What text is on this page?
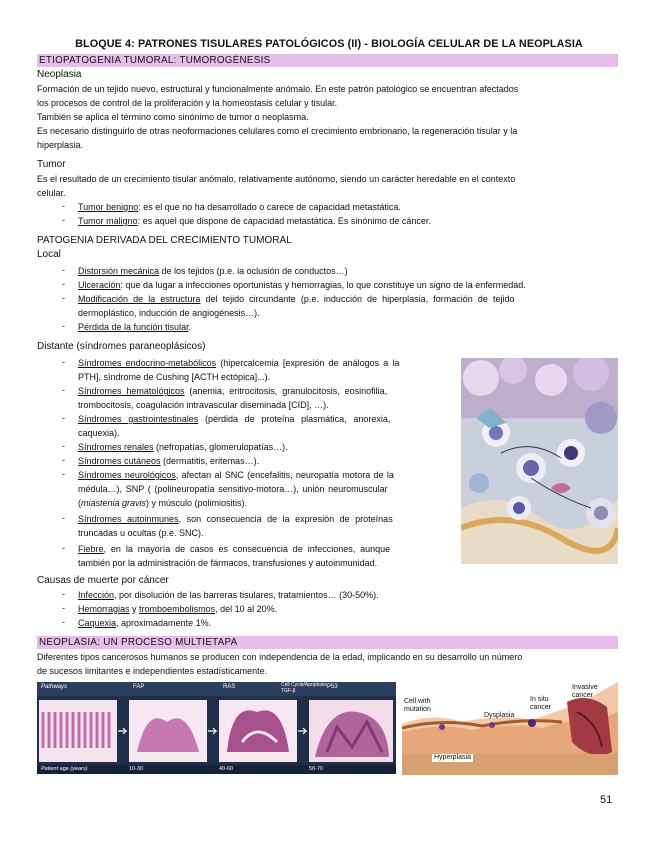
BLOQUE 4: PATRONES TISULARES PATOLÓGICOS (II) - BIOLOGÍA CELULAR DE LA NEOPLASIA
ETIOPATOGENIA TUMORAL: TUMOROGÉNESIS
Neoplasia
Formación de un tejido nuevo, estructural y funcionalmente anómalo. En este patrón patológico se encuentran afectados
los procesos de control de la proliferación y la homeostasis celular y tisular.
También se aplica el término como sinónimo de tumor o neoplasma.
Es necesario distinguirlo de otras neoformaciones celulares como el crecimiento embrionario, la regeneración tisular y la
hiperplasia.
Tumor
Es el resultado de un crecimiento tisular anómalo, relativamente autónomo, siendo un carácter heredable en el contexto
celular.
- Tumor benigno: es el que no ha desarrollado o carece de capacidad metastática.
- Tumor maligno: es aquel que dispone de capacidad metastática. Es sinónimo de cáncer.
PATOGENIA DERIVADA DEL CRECIMIENTO TUMORAL
Local
- Distorsión mecánica de los tejidos (p.e. la oclusión de conductos…)
- Ulceración: que da lugar a infecciones oportunistas y hemorragias, lo que constituye un signo de la enfermedad.
- Modificación de la estructura del tejido circundante (p.e. inducción de hiperplasia, formación de tejido
dermoplástico, inducción de angiogénesis…).
- Pérdida de la función tisular.
Distante (síndromes paraneoplásicos)
- Síndromes endocrino-metabólicos (hipercalcemia [expresión de análogos a la
PTH], síndrome de Cushing [ACTH ectópica]...).
- Síndromes hematológicos (anemia, eritrocitosis, granulocitosis, eosinofilia,
trombocitosis, coagulación intravascular diseminada [CID], …).
- Síndromes gastrointestinales (pérdida de proteína plasmática, anorexia,
caquexia).
- Síndromes renales (nefropatías, glomerulopatías…).
- Síndromes cutáneos (dermatitis, eritemas…).
- Síndromes neurológicos, afectan al SNC (encefalitis, neuropatía motora de la
médula…), SNP ( (polineuropatía sensitivo-motora…), unión neuromuscular
(miastenia gravis) y músculo (polimiositis).
- Síndromes autoinmunes, son consecuencia de la expresión de proteínas
truncadas u ocultas (p.e. SNC).
- Fiebre, en la mayoría de casos es consecuencia de infecciones, aunque
también por la administración de fármacos, transfusiones y autoinmunidad.
Causas de muerte por cáncer
- Infección, por disolución de las barreras tisulares, tratamientos… (30-50%).
- Hemorragias y tromboembolismos, del 10 al 20%.
- Caquexia, aproximadamente 1%.
NEOPLASIA: UN PROCESO MULTIETAPA
Diferentes tipos cancerosos humanos se producen con independencia de la edad, implicando en su desarrollo un número
de sucesos limitantes e independientes estadísticamente.
Pathways	FAP	RAS	Cell Cycle/Apoptosis
TGF-β
P53
Patient age (years)	10-30	40-60	50-70
Cell with mutation
Dysplasia
In situ cancer
Invasive cancer
Hyperplasia
51
